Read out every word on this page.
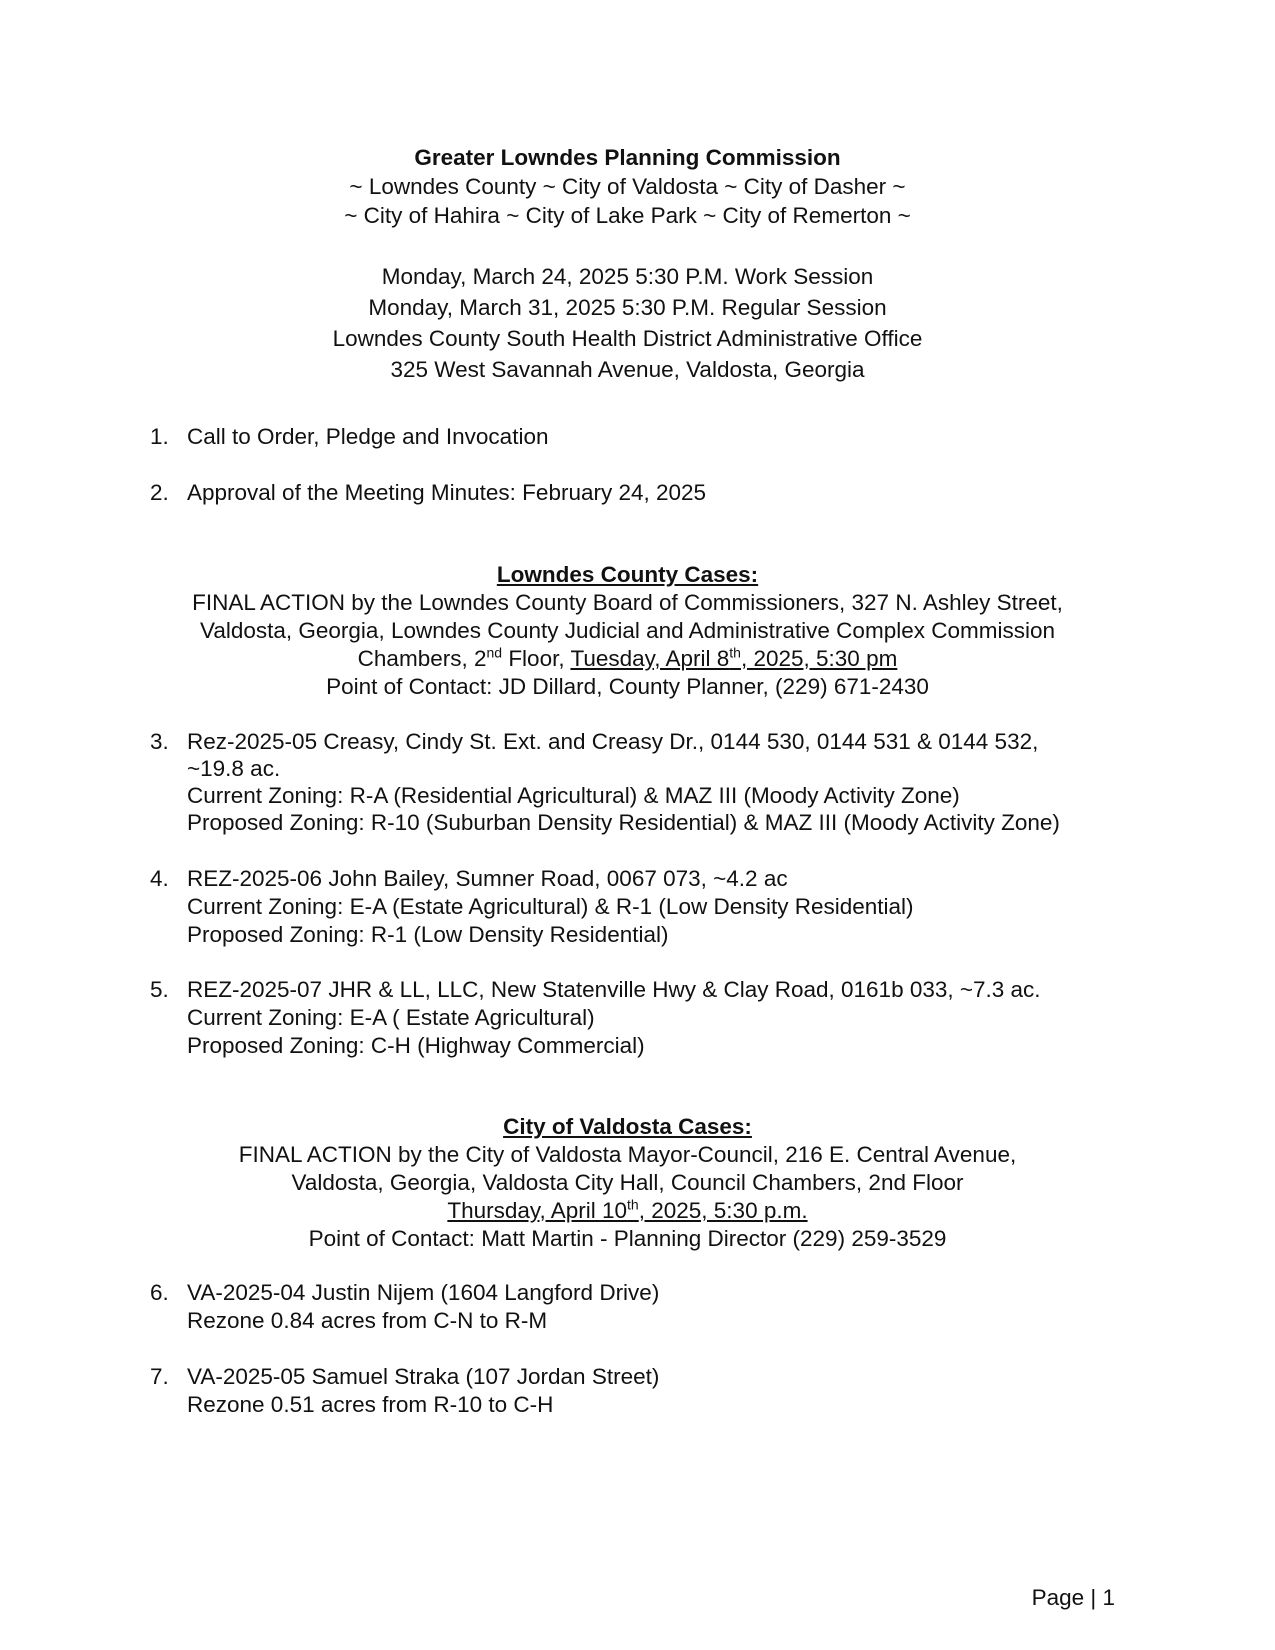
Greater Lowndes Planning Commission
~ Lowndes County ~ City of Valdosta ~ City of Dasher ~
~ City of Hahira ~ City of Lake Park ~ City of Remerton ~
Monday, March 24, 2025 5:30 P.M. Work Session
Monday, March 31, 2025 5:30 P.M. Regular Session
Lowndes County South Health District Administrative Office
325 West Savannah Avenue, Valdosta, Georgia
1. Call to Order, Pledge and Invocation
2. Approval of the Meeting Minutes: February 24, 2025
Lowndes County Cases:
FINAL ACTION by the Lowndes County Board of Commissioners, 327 N. Ashley Street,
Valdosta, Georgia, Lowndes County Judicial and Administrative Complex Commission
Chambers, 2nd Floor, Tuesday, April 8th, 2025, 5:30 pm
Point of Contact: JD Dillard, County Planner, (229) 671-2430
3. Rez-2025-05 Creasy, Cindy St. Ext. and Creasy Dr., 0144 530, 0144 531 & 0144 532,
~19.8 ac.
Current Zoning: R-A (Residential Agricultural) & MAZ III (Moody Activity Zone)
Proposed Zoning: R-10 (Suburban Density Residential) & MAZ III (Moody Activity Zone)
4. REZ-2025-06 John Bailey, Sumner Road, 0067 073, ~4.2 ac
Current Zoning: E-A (Estate Agricultural) & R-1 (Low Density Residential)
Proposed Zoning: R-1 (Low Density Residential)
5. REZ-2025-07 JHR & LL, LLC, New Statenville Hwy & Clay Road, 0161b 033, ~7.3 ac.
Current Zoning: E-A ( Estate Agricultural)
Proposed Zoning: C-H (Highway Commercial)
City of Valdosta Cases:
FINAL ACTION by the City of Valdosta Mayor-Council, 216 E. Central Avenue,
Valdosta, Georgia, Valdosta City Hall, Council Chambers, 2nd Floor
Thursday, April 10th, 2025, 5:30 p.m.
Point of Contact: Matt Martin - Planning Director (229) 259-3529
6. VA-2025-04 Justin Nijem (1604 Langford Drive)
Rezone 0.84 acres from C-N to R-M
7. VA-2025-05 Samuel Straka (107 Jordan Street)
Rezone 0.51 acres from R-10 to C-H
Page | 1
